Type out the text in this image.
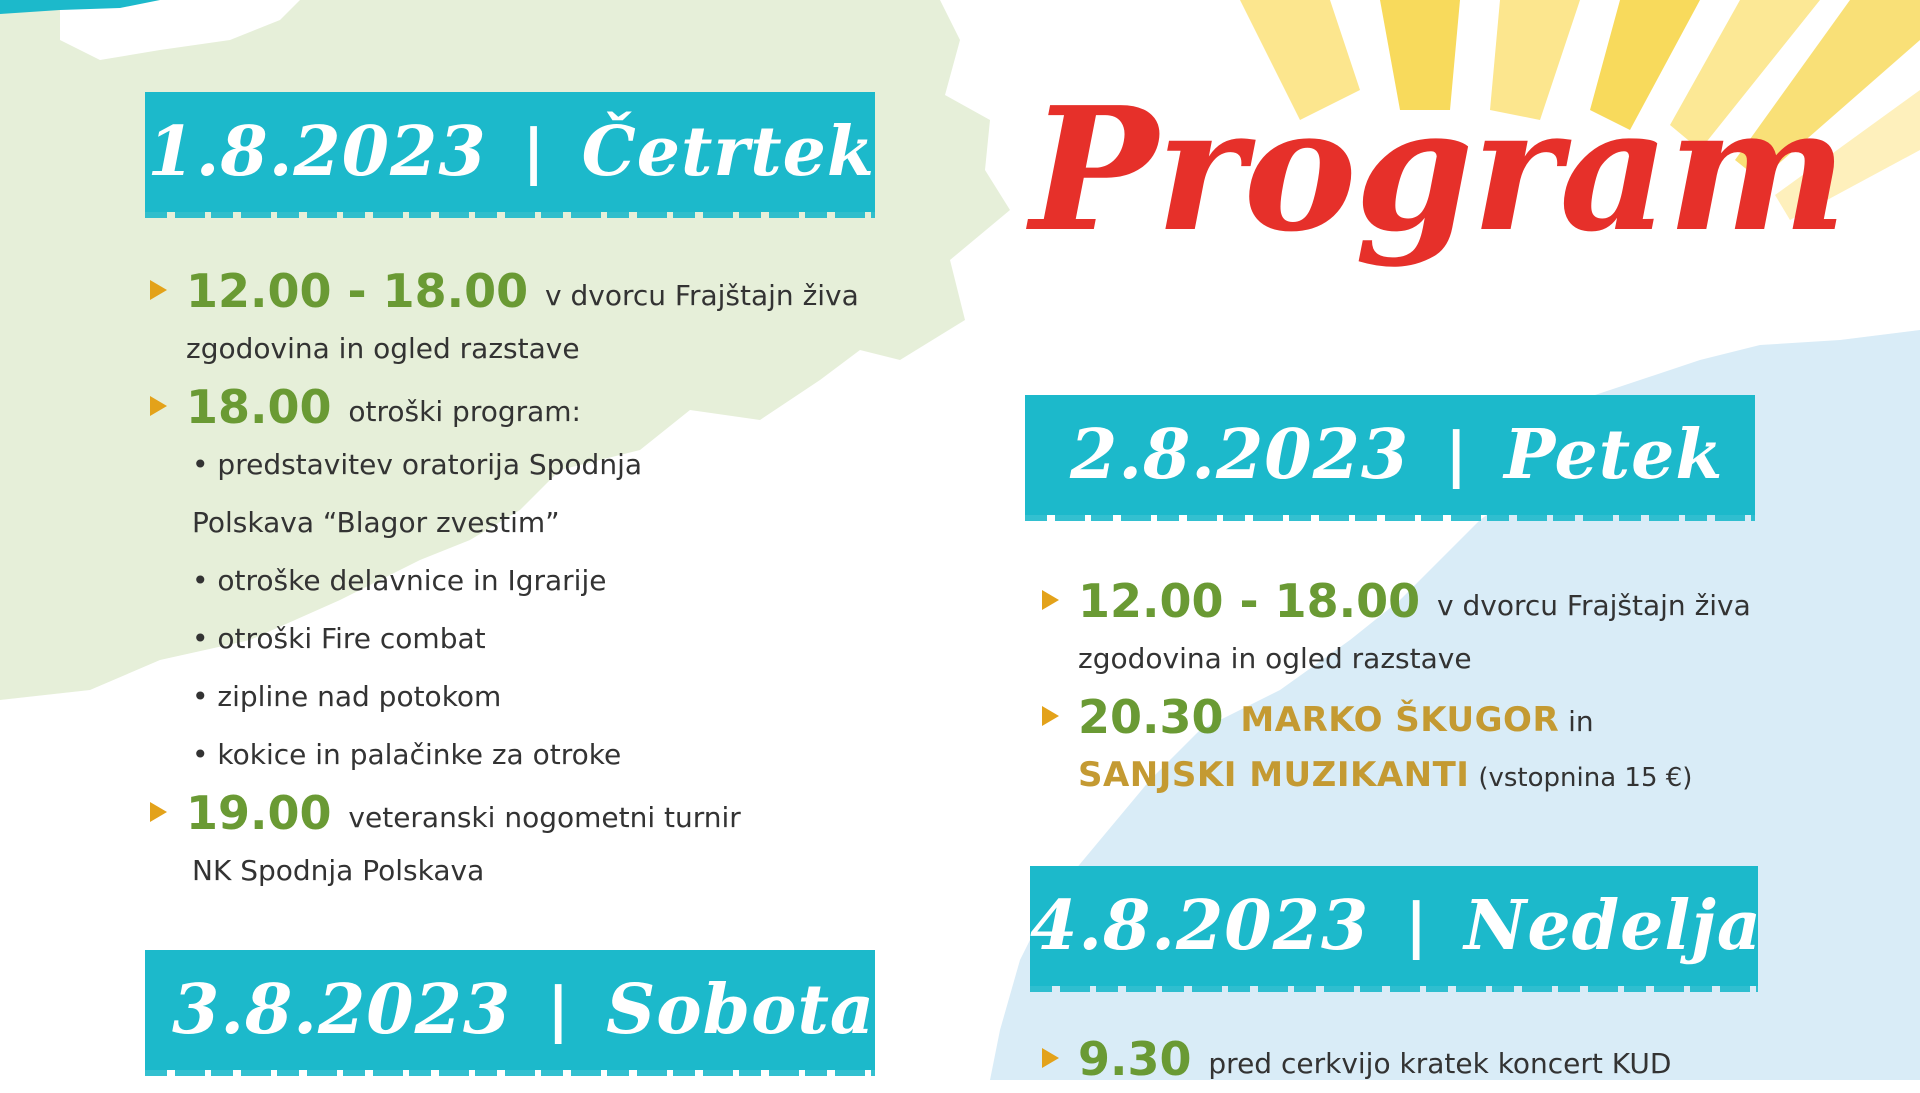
Program
1.8.2023 | Četrtek
12.00 - 18.00 v dvorcu Frajštajn živa
zgodovina in ogled razstave
18.00 otroški program:
• predstavitev oratorija Spodnja
Polskava “Blagor zvestim”
• otroške delavnice in Igrarije
• otroški Fire combat
• zipline nad potokom
• kokice in palačinke za otroke
19.00 veteranski nogometni turnir
NK Spodnja Polskava
2.8.2023 | Petek
12.00 - 18.00 v dvorcu Frajštajn živa
zgodovina in ogled razstave
20.30 MARKO ŠKUGOR in
SANJSKI MUZIKANTI (vstopnina 15 €)
4.8.2023 | Nedelja
9.30 pred cerkvijo kratek koncert KUD
3.8.2023 | Sobota
